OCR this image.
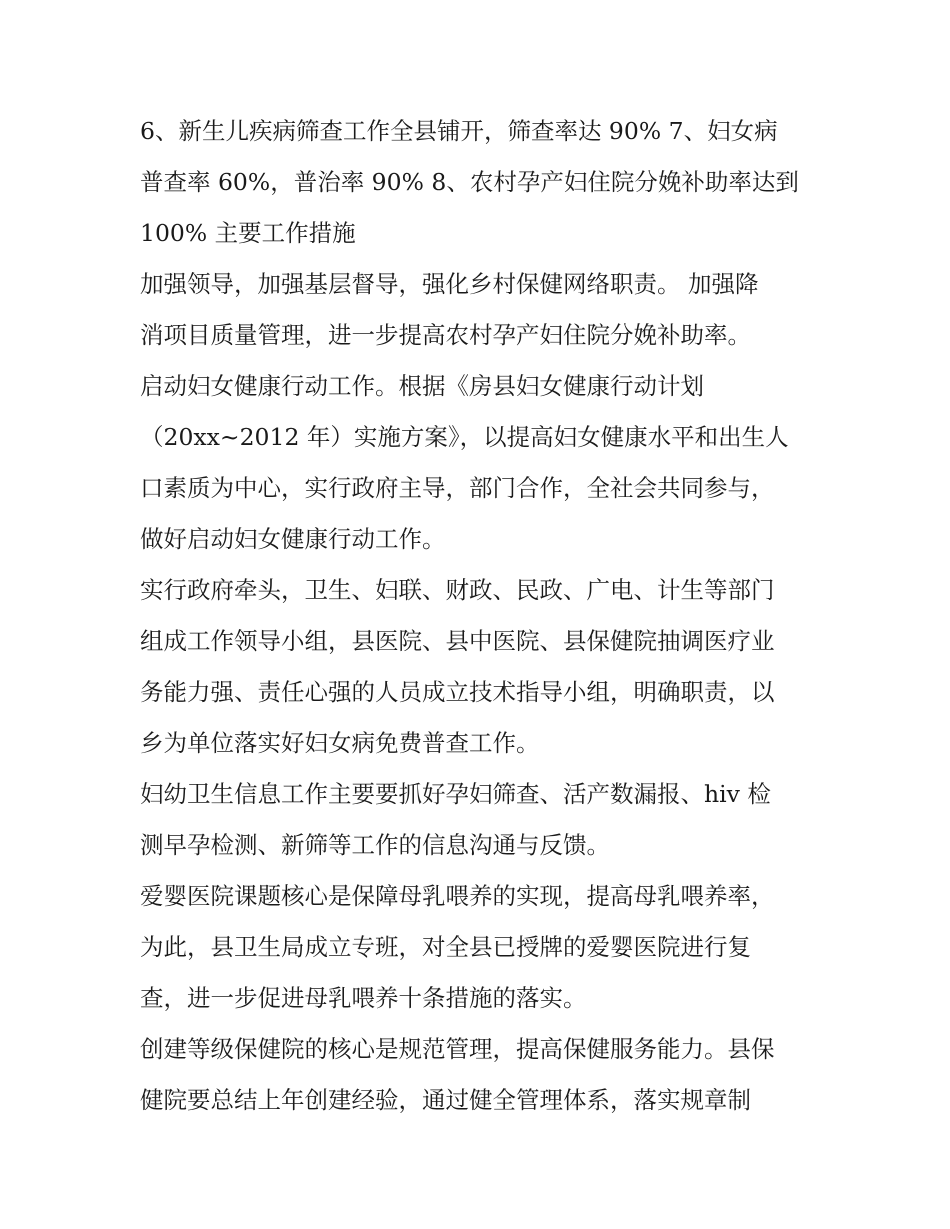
6、新生儿疾病筛查工作全县铺开，筛查率达 90% 7、妇女病
普查率 60%，普治率 90% 8、农村孕产妇住院分娩补助率达到
100% 主要工作措施

加强领导，加强基层督导，强化乡村保健网络职责。 加强降
消项目质量管理，进一步提高农村孕产妇住院分娩补助率。

启动妇女健康行动工作。根据《房县妇女健康行动计划
（20xx~2012 年）实施方案》，以提高妇女健康水平和出生人
口素质为中心，实行政府主导，部门合作，全社会共同参与，
做好启动妇女健康行动工作。

实行政府牵头，卫生、妇联、财政、民政、广电、计生等部门
组成工作领导小组，县医院、县中医院、县保健院抽调医疗业
务能力强、责任心强的人员成立技术指导小组，明确职责，以
乡为单位落实好妇女病免费普查工作。

妇幼卫生信息工作主要要抓好孕妇筛查、活产数漏报、hiv 检
测早孕检测、新筛等工作的信息沟通与反馈。

爱婴医院课题核心是保障母乳喂养的实现，提高母乳喂养率，
为此，县卫生局成立专班，对全县已授牌的爱婴医院进行复
查，进一步促进母乳喂养十条措施的落实。

创建等级保健院的核心是规范管理，提高保健服务能力。县保
健院要总结上年创建经验，通过健全管理体系，落实规章制
